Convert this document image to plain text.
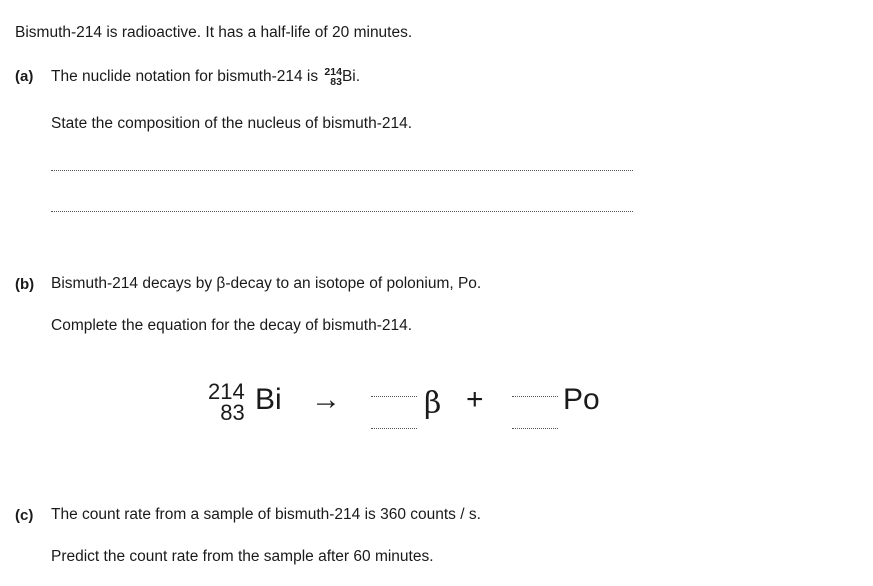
Bismuth-214 is radioactive. It has a half-life of 20 minutes.
(a) The nuclide notation for bismuth-214 is 214
83 Bi.
State the composition of the nucleus of bismuth-214.
(b) Bismuth-214 decays by β-decay to an isotope of polonium, Po.
Complete the equation for the decay of bismuth-214.
214
83 Bi →	β +	Po
(c) The count rate from a sample of bismuth-214 is 360 counts / s.
Predict the count rate from the sample after 60 minutes.
